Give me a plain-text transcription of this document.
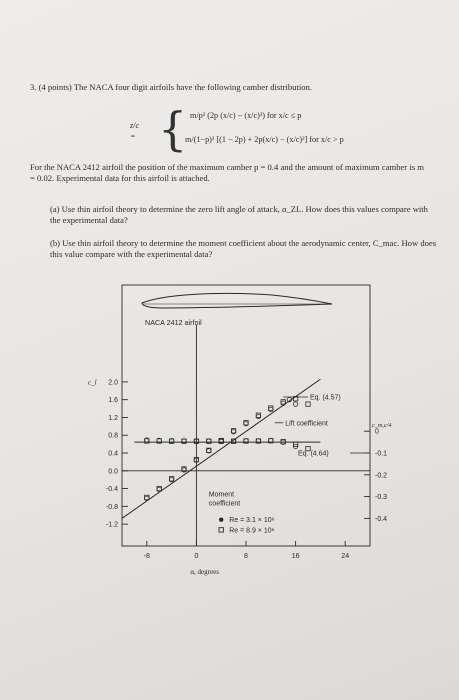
3. (4 points) The NACA four digit airfoils have the following camber distribution.
z/c = { m/p² (2p (x/c) − (x/c)²) for x/c ≤ p
m/(1−p)² [(1 − 2p) + 2p(x/c) − (x/c)²] for x/c > p
For the NACA 2412 airfoil the position of the maximum camber p = 0.4 and the amount of maximum camber is m = 0.02. Experimental data for this airfoil is attached.
(a) Use thin airfoil theory to determine the zero lift angle of attack, α_ZL. How does this values compare with the experimental data?
(b) Use thin airfoil theory to determine the moment coefficient about the aerodynamic center, C_mac. How does this value compare with the experimental data?
NACA 2412 airfoil
-1.2
-0.8
-0.4
0.0
0.4
0.8
1.2
1.6
2.0
c_l
0
-0.1
-0.2
-0.3
-0.4
c_m,c/4
-8	0	8	16	24
α, degrees
Eq. (4.57)
Eq. (4.64)
Lift coefficient
Moment
coefficient
Re = 3.1 × 10⁶
Re = 8.9 × 10⁶
